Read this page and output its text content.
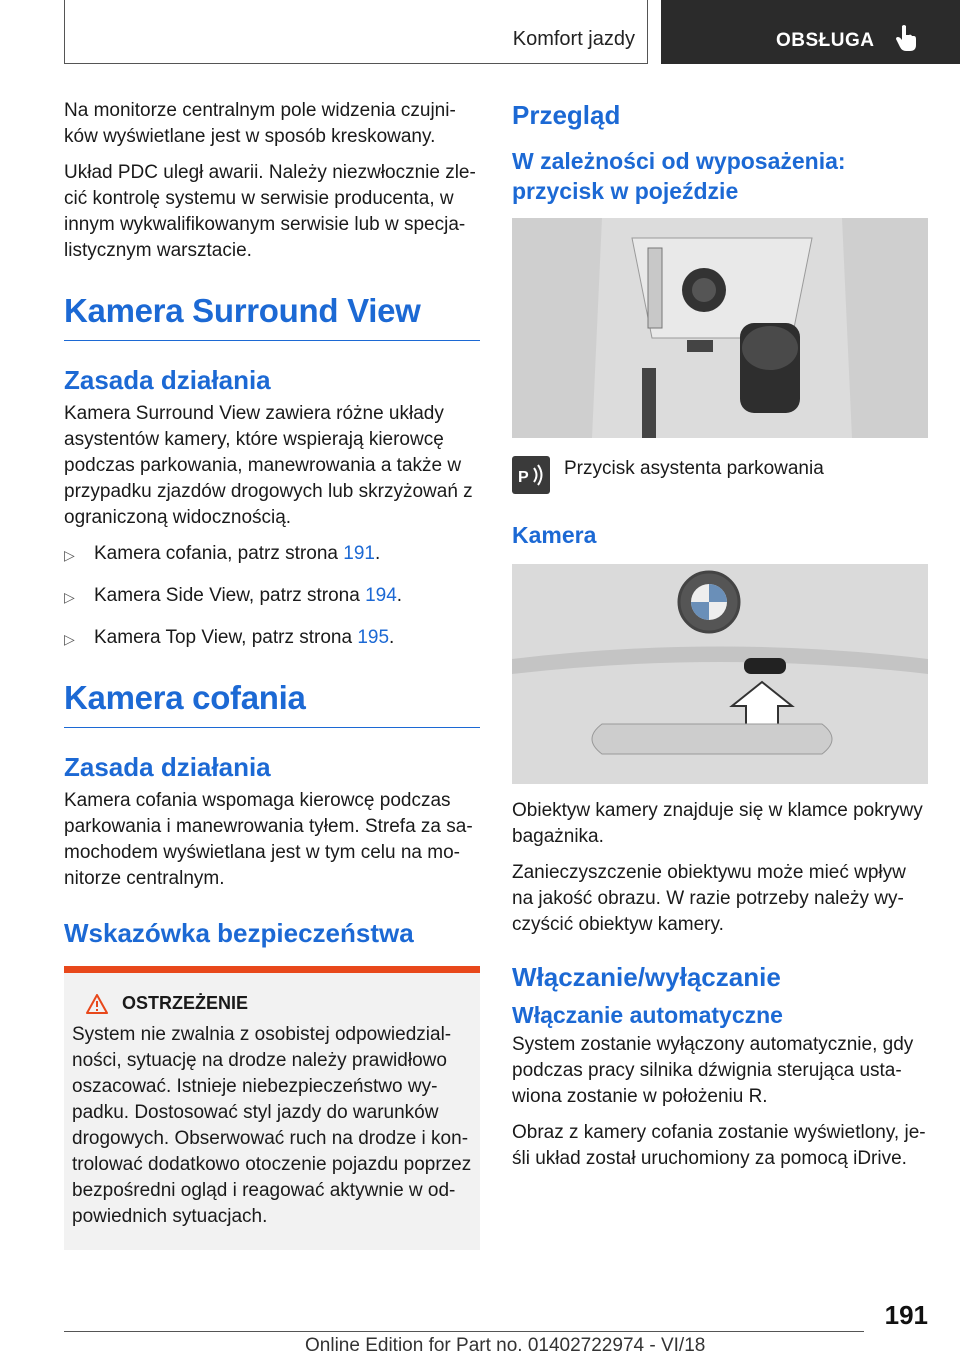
Komfort jazdy	OBSŁUGA

Na monitorze centralnym pole widzenia czujni-ków wyświetlane jest w sposób kreskowany.

Układ PDC uległ awarii. Należy niezwłocznie zle-cić kontrolę systemu w serwisie producenta, w innym wykwalifikowanym serwisie lub w specja-listycznym warsztacie.

Kamera Surround View
Zasada działania

Kamera Surround View zawiera różne układy asystentów kamery, które wspierają kierowcę podczas parkowania, manewrowania a także w przypadku zjazdów drogowych lub skrzyżowań z ograniczoną widocznością.

▷ Kamera cofania, patrz strona 191.
▷ Kamera Side View, patrz strona 194.
▷ Kamera Top View, patrz strona 195.
Kamera cofania
Zasada działania

Kamera cofania wspomaga kierowcę podczas parkowania i manewrowania tyłem. Strefa za sa-mochodem wyświetlana jest w tym celu na mo-nitorze centralnym.

Wskazówka bezpieczeństwa
OSTRZEŻENIE

System nie zwalnia z osobistej odpowiedzial-ności, sytuację na drodze należy prawidłowo oszacować. Istnieje niebezpieczeństwo wy-padku. Dostosować styl jazdy do warunków drogowych. Obserwować ruch na drodze i kon-trolować dodatkowo otoczenie pojazdu poprzez bezpośredni ogląd i reagować aktywnie w od-powiednich sytuacjach.

Przegląd
W zależności od wyposażenia: przycisk w pojeździe
P Przycisk asystenta parkowania

Kamera

Obiektyw kamery znajduje się w klamce pokrywy bagażnika.

Zanieczyszczenie obiektywu może mieć wpływ na jakość obrazu. W razie potrzeby należy wy-czyścić obiektyw kamery.

Włączanie/wyłączanie
Włączanie automatyczne

System zostanie wyłączony automatycznie, gdy podczas pracy silnika dźwignia sterująca usta-wiona zostanie w położeniu R.

Obraz z kamery cofania zostanie wyświetlony, je-śli układ został uruchomiony za pomocą iDrive.

191
Online Edition for Part no. 01402722974 - VI/18
